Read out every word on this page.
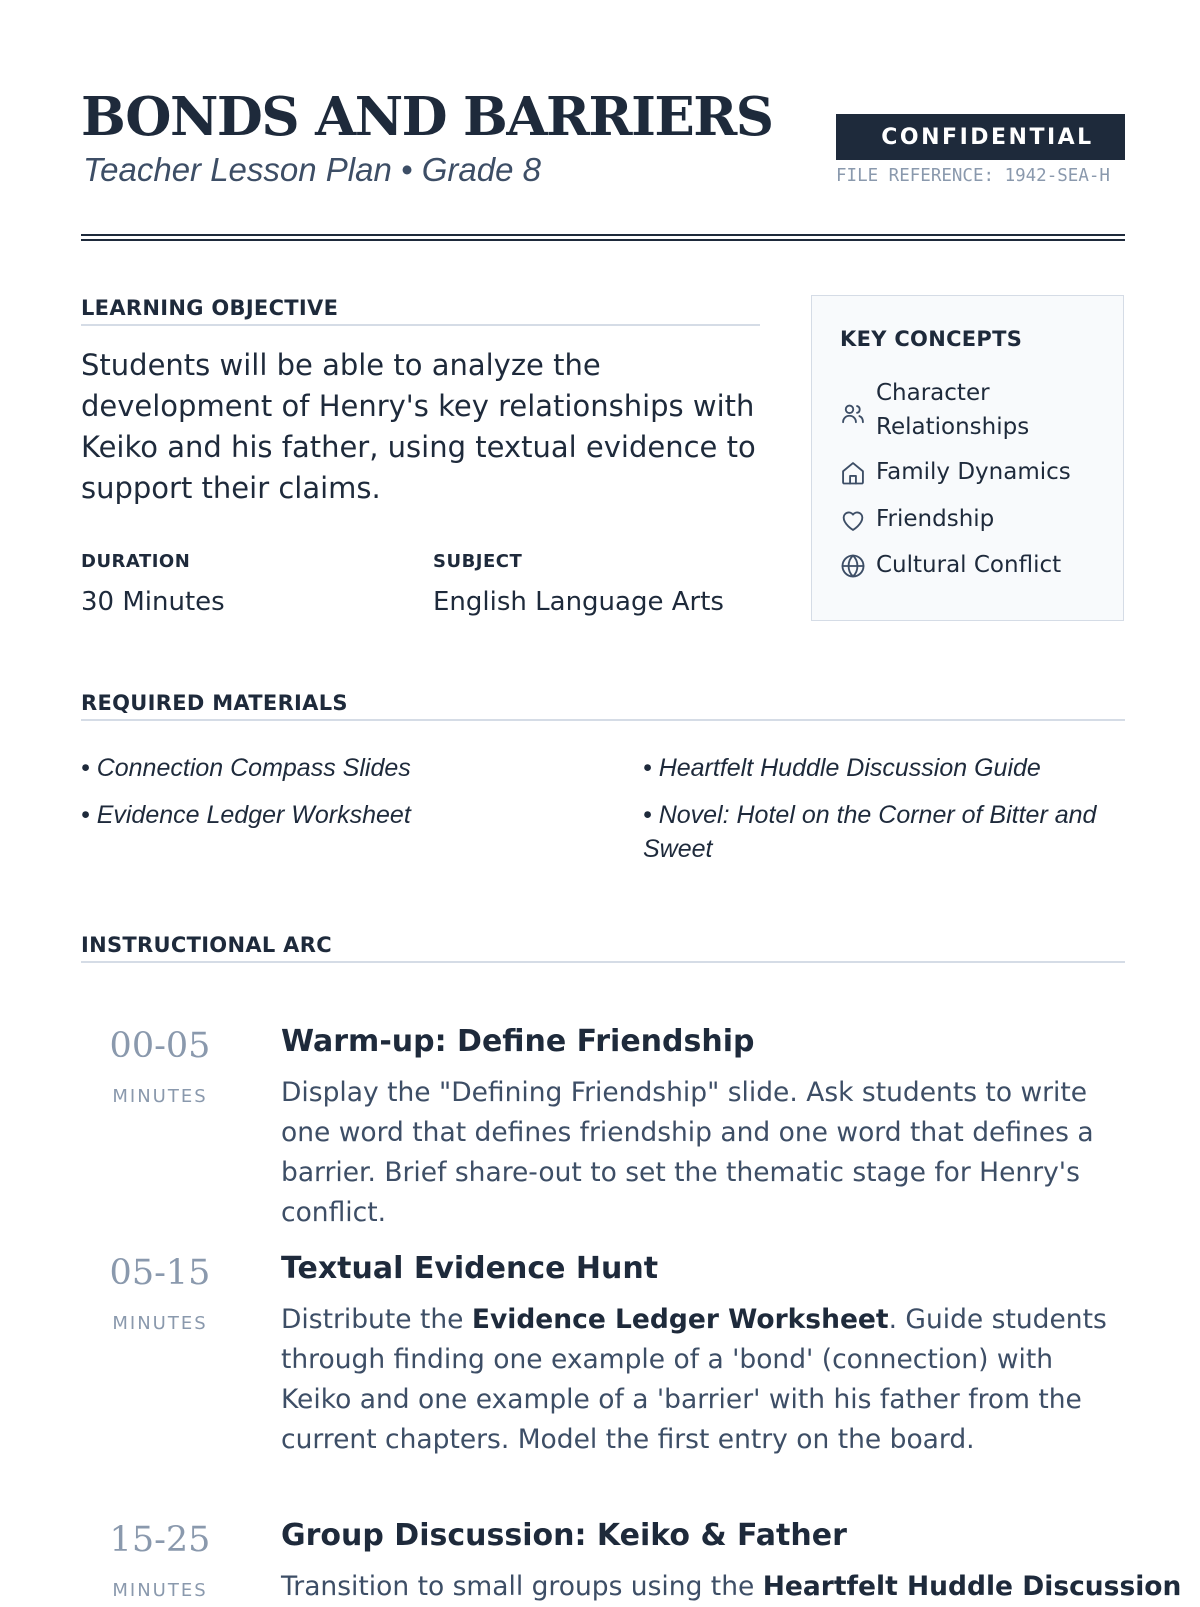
BONDS AND BARRIERS
Teacher Lesson Plan • Grade 8
CONFIDENTIAL
FILE REFERENCE: 1942-SEA-H
LEARNING OBJECTIVE
Students will be able to analyze the development of Henry's key relationships with Keiko and his father, using textual evidence to support their claims.
DURATION
30 Minutes
SUBJECT
English Language Arts
KEY CONCEPTS
Character Relationships
Family Dynamics
Friendship
Cultural Conflict
REQUIRED MATERIALS
• Connection Compass Slides	• Heartfelt Huddle Discussion Guide
• Evidence Ledger Worksheet	• Novel: Hotel on the Corner of Bitter and Sweet
INSTRUCTIONAL ARC
00-05
MINUTES
Warm-up: Define Friendship
Display the "Defining Friendship" slide. Ask students to write one word that defines friendship and one word that defines a barrier. Brief share-out to set the thematic stage for Henry's conflict.
05-15
MINUTES
Textual Evidence Hunt
Distribute the Evidence Ledger Worksheet. Guide students through finding one example of a 'bond' (connection) with Keiko and one example of a 'barrier' with his father from the current chapters. Model the first entry on the board.
15-25
MINUTES
Group Discussion: Keiko & Father
Transition to small groups using the Heartfelt Huddle Discussion
